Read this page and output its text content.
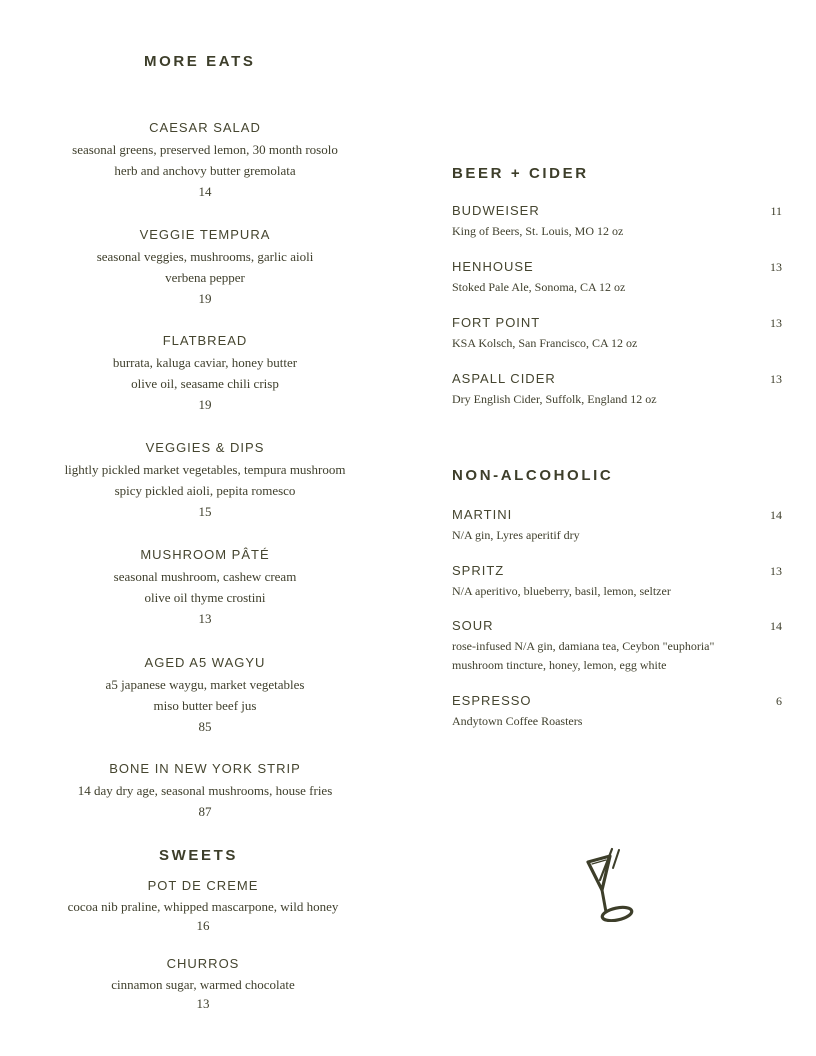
MORE EATS
CAESAR SALAD
seasonal greens, preserved lemon, 30 month rosolo
herb and anchovy butter gremolata
14
VEGGIE TEMPURA
seasonal veggies, mushrooms, garlic aioli
verbena pepper
19
FLATBREAD
burrata, kaluga caviar, honey butter
olive oil, seasame chili crisp
19
VEGGIES & DIPS
lightly pickled market vegetables, tempura mushroom
spicy pickled aioli, pepita romesco
15
MUSHROOM PÂTÉ
seasonal mushroom, cashew cream
olive oil thyme crostini
13
AGED A5 WAGYU
a5 japanese waygu, market vegetables
miso butter beef jus
85
BONE IN NEW YORK STRIP
14 day dry age, seasonal mushrooms, house fries
87
SWEETS
POT DE CREME
cocoa nib praline, whipped mascarpone, wild honey
16
CHURROS
cinnamon sugar, warmed chocolate
13
BEER + CIDER
BUDWEISER	11
King of Beers, St. Louis, MO 12 oz
HENHOUSE	13
Stoked Pale Ale, Sonoma, CA 12 oz
FORT POINT	13
KSA Kolsch, San Francisco, CA 12 oz
ASPALL CIDER	13
Dry English Cider, Suffolk, England 12 oz
NON-ALCOHOLIC
MARTINI	14
N/A gin, Lyres aperitif dry
SPRITZ	13
N/A aperitivo, blueberry, basil, lemon, seltzer
SOUR	14
rose-infused N/A gin, damiana tea, Ceybon "euphoria"
mushroom tincture, honey, lemon, egg white
ESPRESSO	6
Andytown Coffee Roasters
